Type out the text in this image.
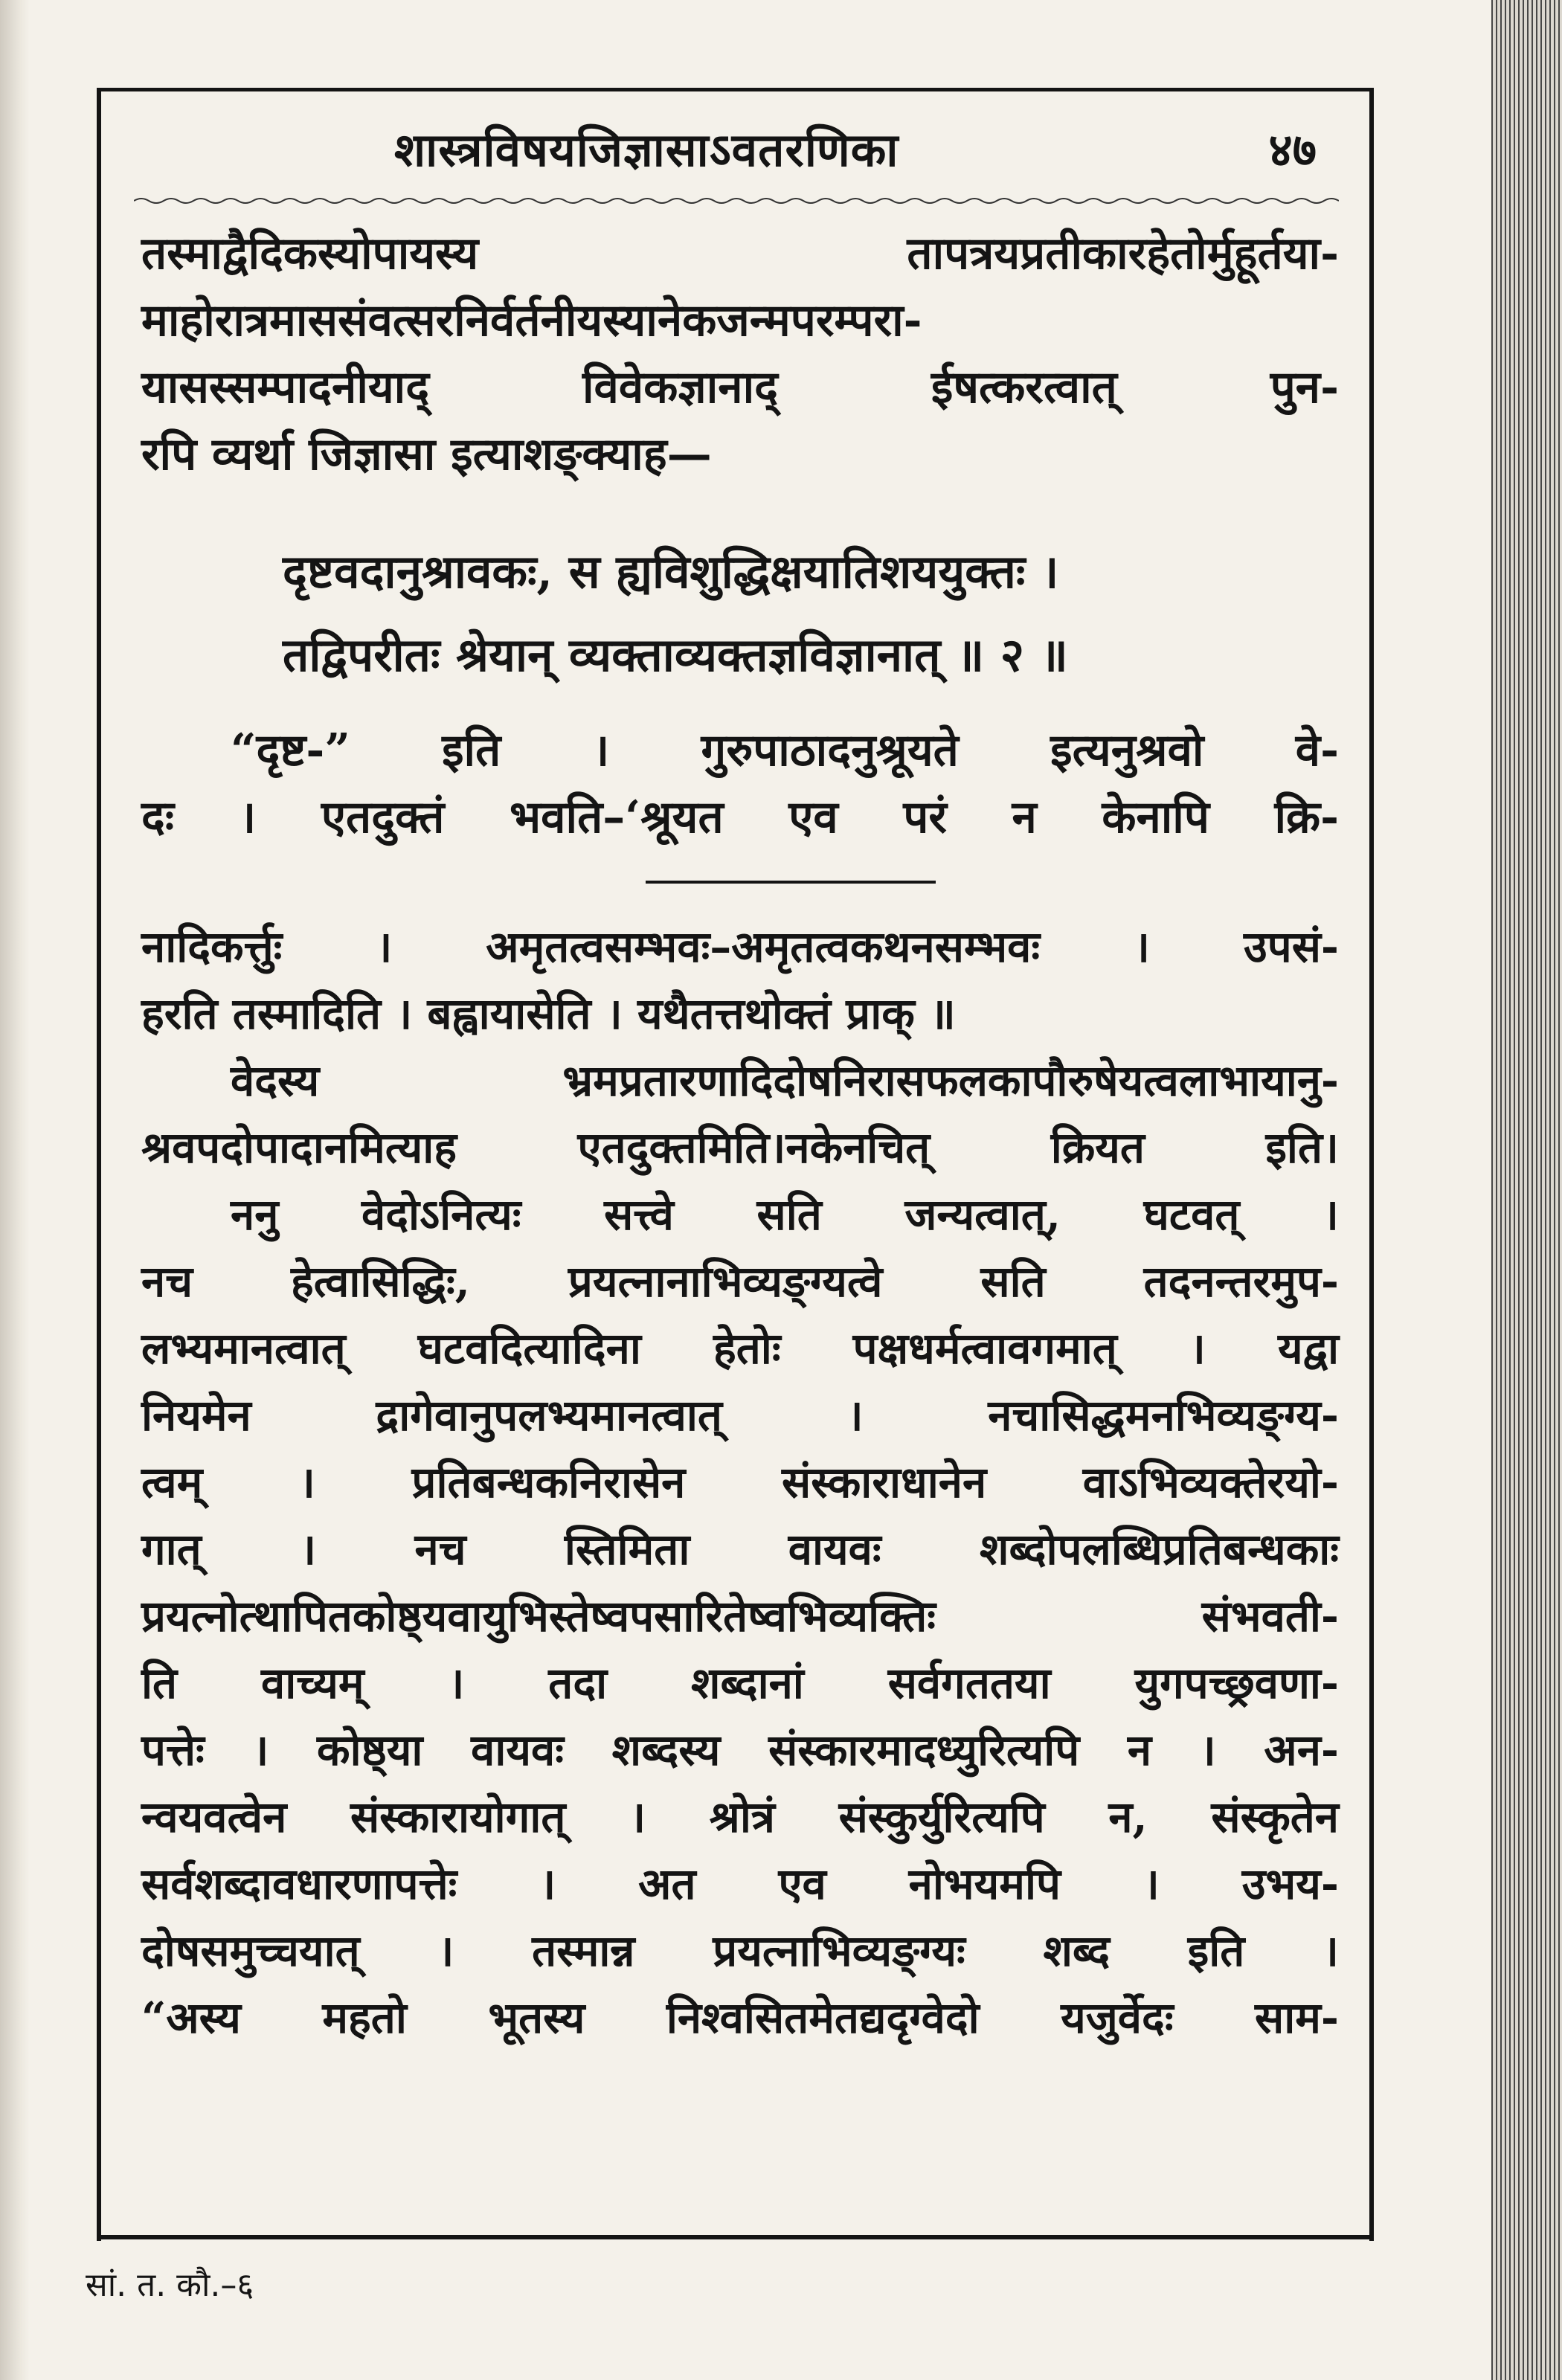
शास्त्रविषयजिज्ञासाऽवतरणिका	४७
तस्माद्वैदिकस्योपायस्य तापत्रयप्रतीकारहेतोर्मुहूर्तया-
माहोरात्रमाससंवत्सरनिर्वर्तनीयस्यानेकजन्मपरम्परा-
यासस्सम्पादनीयाद् विवेकज्ञानाद् ईषत्करत्वात् पुन-
रपि व्यर्था जिज्ञासा इत्याशङ्क्याह—
दृष्टवदानुश्रावकः, स ह्यविशुद्धिक्षयातिशययुक्तः ।
तद्विपरीतः श्रेयान् व्यक्ताव्यक्तज्ञविज्ञानात् ॥ २ ॥
“दृष्ट-” इति । गुरुपाठादनुश्रूयते इत्यनुश्रवो वे-
दः । एतदुक्तं भवति–‘श्रूयत एव परं न केनापि क्रि-
नादिकर्त्तुः । अमृतत्वसम्भवः–अमृतत्वकथनसम्भवः । उपसं-
हरति तस्मादिति । बह्वायासेति । यथैतत्तथोक्तं प्राक् ॥
वेदस्य भ्रमप्रतारणादिदोषनिरासफलकापौरुषेयत्वलाभायानु-
श्रवपदोपादानमित्याह एतदुक्तमिति।नकेनचित् क्रियत इति।
ननु वेदोऽनित्यः सत्त्वे सति जन्यत्वात्, घटवत् ।
नच हेत्वासिद्धिः, प्रयत्नानाभिव्यङ्ग्यत्वे सति तदनन्तरमुप-
लभ्यमानत्वात् घटवदित्यादिना हेतोः पक्षधर्मत्वावगमात् । यद्वा
नियमेन द्रागेवानुपलभ्यमानत्वात् । नचासिद्धमनभिव्यङ्ग्य-
त्वम् । प्रतिबन्धकनिरासेन संस्काराधानेन वाऽभिव्यक्तेरयो-
गात् । नच स्तिमिता वायवः शब्दोपलब्धिप्रतिबन्धकाः
प्रयत्नोत्थापितकोष्ठ्यवायुभिस्तेष्वपसारितेष्वभिव्यक्तिः संभवती-
ति वाच्यम् । तदा शब्दानां सर्वगततया युगपच्छ्रवणा-
पत्तेः । कोष्ठ्या वायवः शब्दस्य संस्कारमादध्युरित्यपि न । अन-
न्वयवत्वेन संस्कारायोगात् । श्रोत्रं संस्कुर्युरित्यपि न, संस्कृतेन
सर्वशब्दावधारणापत्तेः । अत एव नोभयमपि । उभय-
दोषसमुच्चयात् । तस्मान्न प्रयत्नाभिव्यङ्ग्यः शब्द इति ।
“अस्य महतो भूतस्य निश्वसितमेतद्यदृग्वेदो यजुर्वेदः साम-
सां. त. कौ.–६
